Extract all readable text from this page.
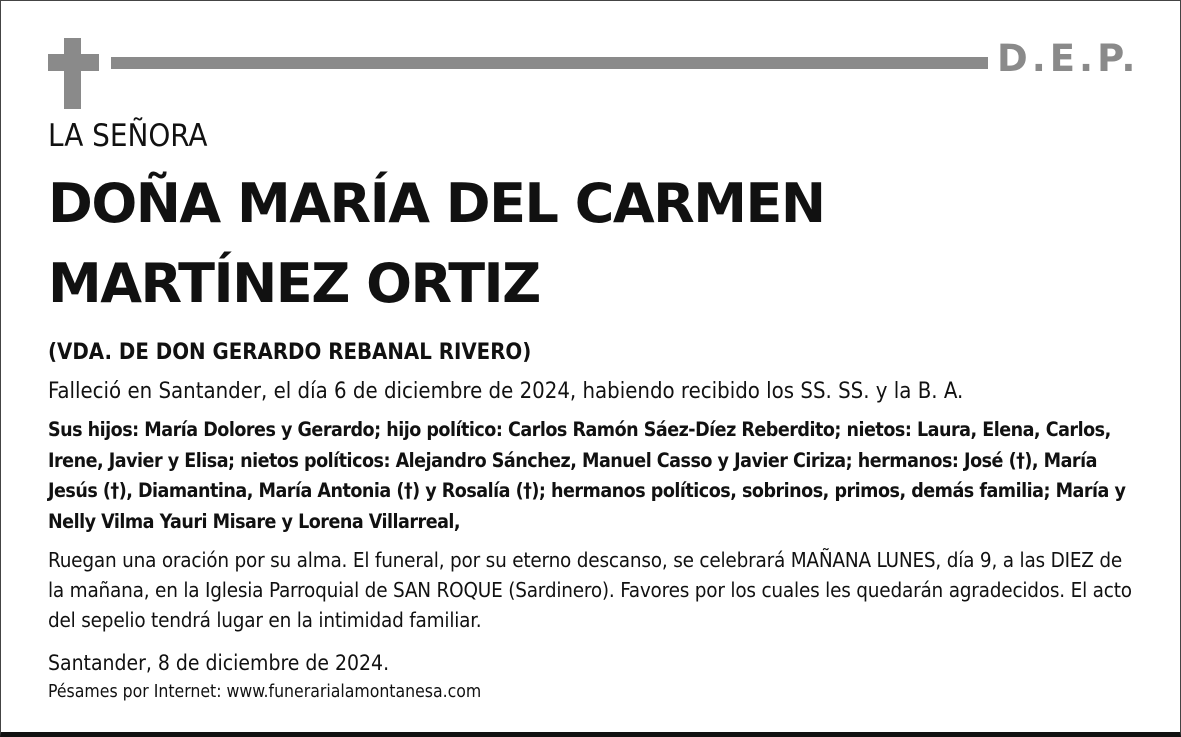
D.E.P.
LA SEÑORA
DOÑA MARÍA DEL CARMEN
MARTÍNEZ ORTIZ
(VDA. DE DON GERARDO REBANAL RIVERO)
Falleció en Santander, el día 6 de diciembre de 2024, habiendo recibido los SS. SS. y la B. A.
Sus hijos: María Dolores y Gerardo; hijo político: Carlos Ramón Sáez-Díez Reberdito; nietos: Laura, Elena, Carlos, Irene, Javier y Elisa; nietos políticos: Alejandro Sánchez, Manuel Casso y Javier Ciriza; hermanos: José (†), María Jesús (†), Diamantina, María Antonia (†) y Rosalía (†); hermanos políticos, sobrinos, primos, demás familia; María y Nelly Vilma Yauri Misare y Lorena Villarreal,
Ruegan una oración por su alma. El funeral, por su eterno descanso, se celebrará MAÑANA LUNES, día 9, a las DIEZ de la mañana, en la Iglesia Parroquial de SAN ROQUE (Sardinero). Favores por los cuales les quedarán agradecidos. El acto del sepelio tendrá lugar en la intimidad familiar.
Santander, 8 de diciembre de 2024.
Pésames por Internet: www.funerarialamontanesa.com
